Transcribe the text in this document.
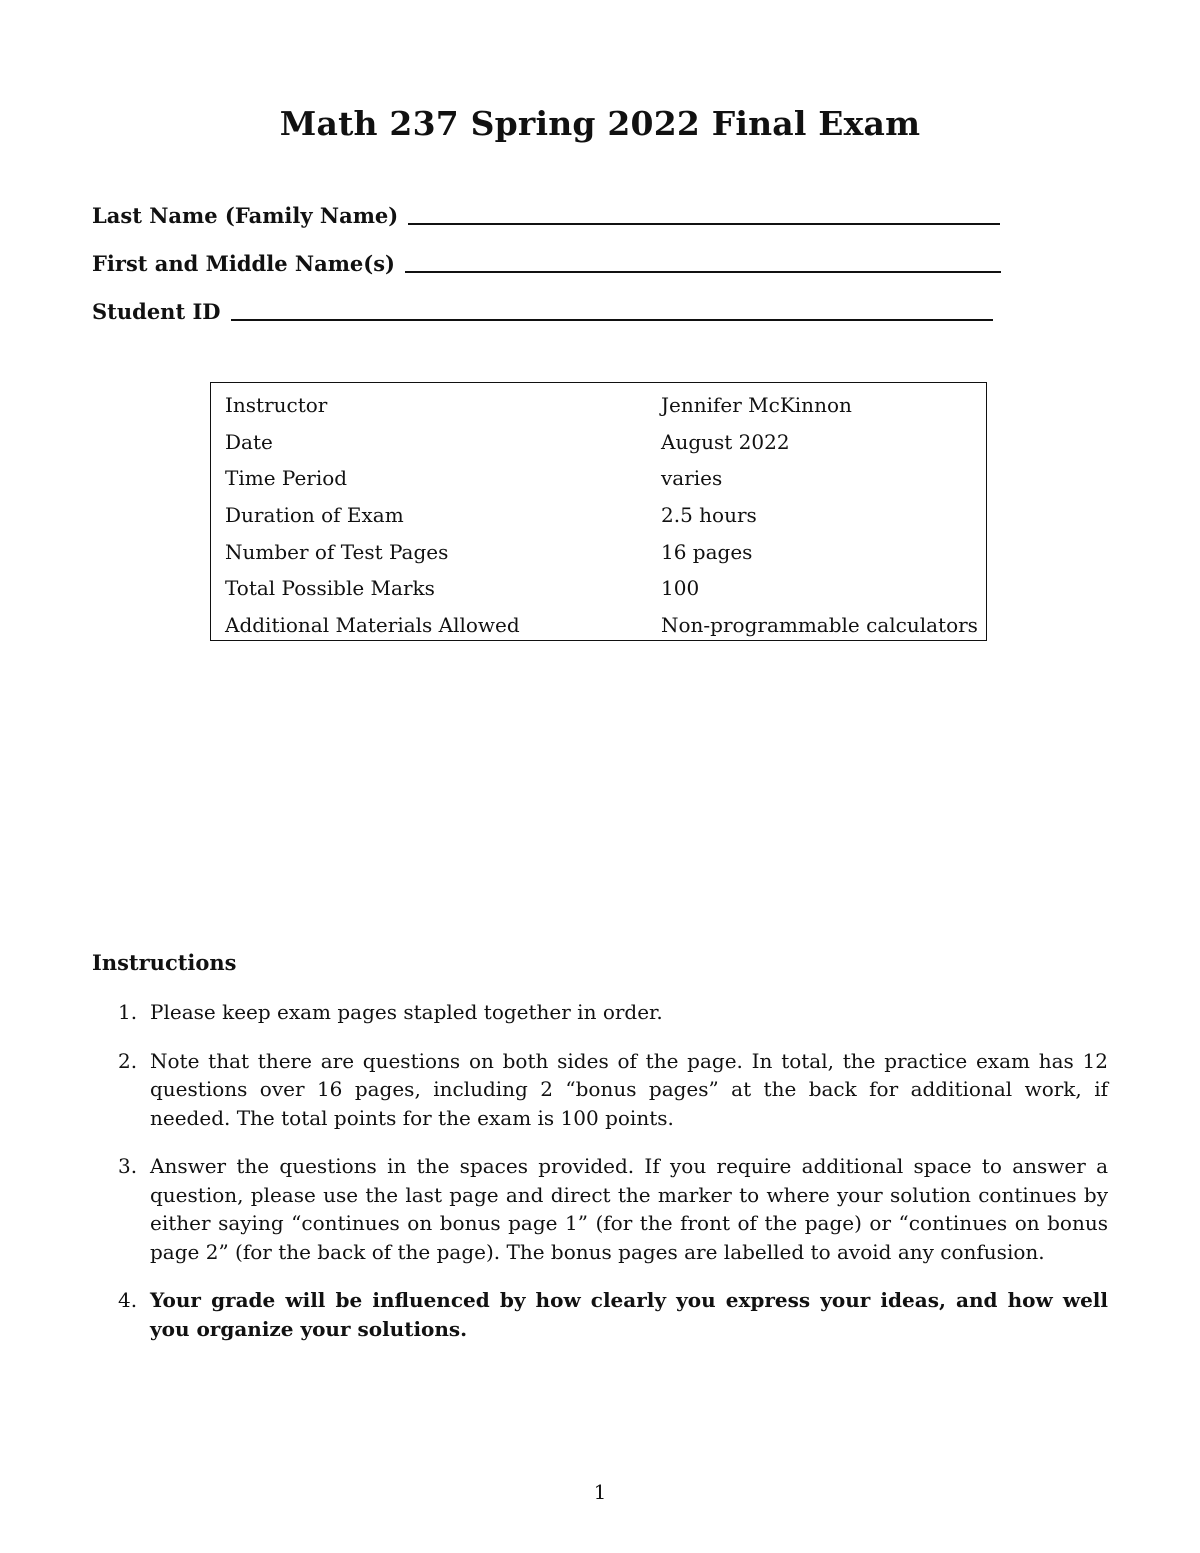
Math 237 Spring 2022 Final Exam
Last Name (Family Name)
First and Middle Name(s)
Student ID
Instructor	Jennifer McKinnon
Date	August 2022
Time Period	varies
Duration of Exam	2.5 hours
Number of Test Pages	16 pages
Total Possible Marks	100
Additional Materials Allowed	Non-programmable calculators
Instructions
1. Please keep exam pages stapled together in order.
2. Note that there are questions on both sides of the page. In total, the practice exam has 12 questions over 16 pages, including 2 “bonus pages” at the back for additional work, if needed. The total points for the exam is 100 points.
3. Answer the questions in the spaces provided. If you require additional space to answer a question, please use the last page and direct the marker to where your solution continues by either saying “continues on bonus page 1” (for the front of the page) or “continues on bonus page 2” (for the back of the page). The bonus pages are labelled to avoid any confusion.
4. Your grade will be influenced by how clearly you express your ideas, and how well you organize your solutions.
1
